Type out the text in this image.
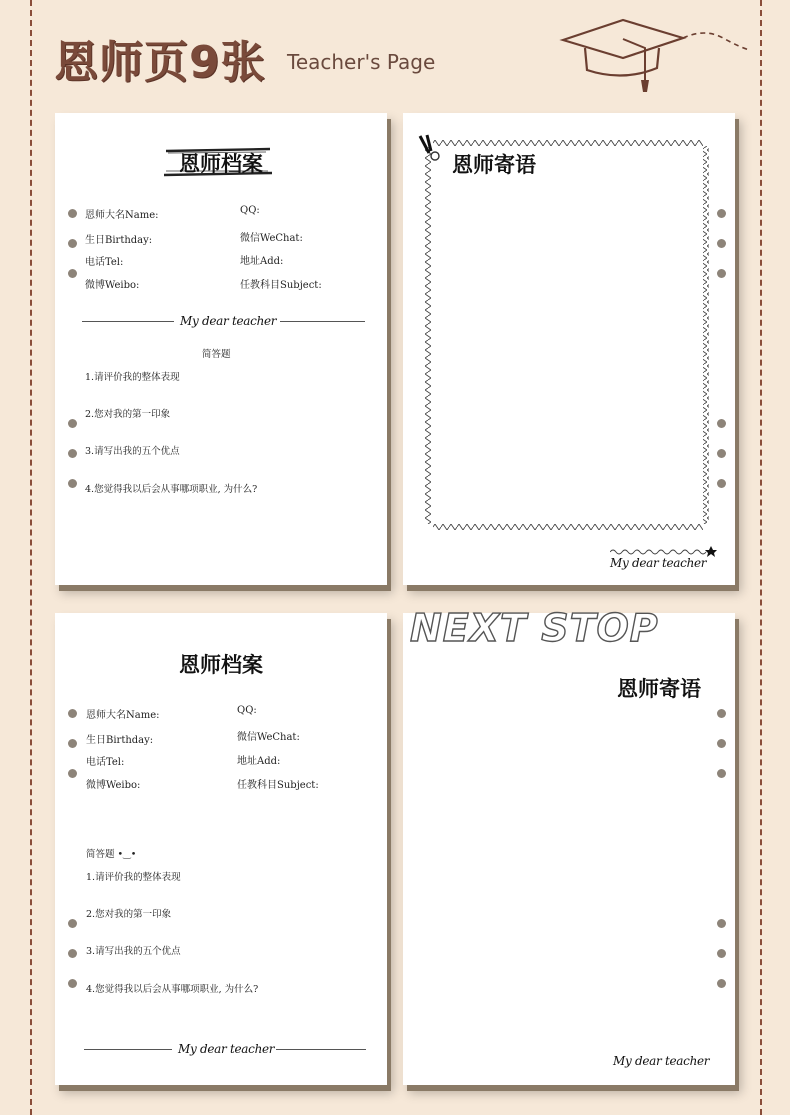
恩师页9张 Teacher's Page
恩师档案
恩师大名Name:
生日Birthday:
电话Tel:
微博Weibo:
QQ:
微信WeChat:
地址Add:
任教科目Subject:
My dear teacher
简答题
1.请评价我的整体表现
2.您对我的第一印象
3.请写出我的五个优点
4.您觉得我以后会从事哪项职业, 为什么?
恩师寄语
My dear teacher
恩师档案
恩师大名Name:
生日Birthday:
电话Tel:
微博Weibo:
QQ:
微信WeChat:
地址Add:
任教科目Subject:
简答题 •‿•
1.请评价我的整体表现
2.您对我的第一印象
3.请写出我的五个优点
4.您觉得我以后会从事哪项职业, 为什么?
My dear teacher
NEXT STOP
恩师寄语
My dear teacher
